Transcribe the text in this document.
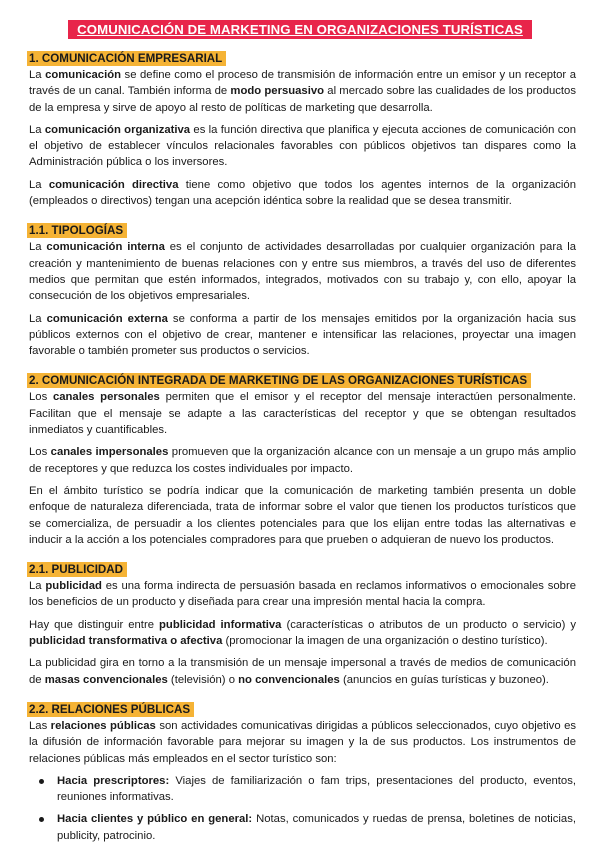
COMUNICACIÓN DE MARKETING EN ORGANIZACIONES TURÍSTICAS
1. COMUNICACIÓN EMPRESARIAL

La comunicación se define como el proceso de transmisión de información entre un emisor y un receptor a través de un canal. También informa de modo persuasivo al mercado sobre las cualidades de los productos de la empresa y sirve de apoyo al resto de políticas de marketing que desarrolla.

La comunicación organizativa es la función directiva que planifica y ejecuta acciones de comunicación con el objetivo de establecer vínculos relacionales favorables con públicos objetivos tan dispares como la Administración pública o los inversores.

La comunicación directiva tiene como objetivo que todos los agentes internos de la organización (empleados o directivos) tengan una acepción idéntica sobre la realidad que se desea transmitir.

1.1. TIPOLOGÍAS

La comunicación interna es el conjunto de actividades desarrolladas por cualquier organización para la creación y mantenimiento de buenas relaciones con y entre sus miembros, a través del uso de diferentes medios que permitan que estén informados, integrados, motivados con su trabajo y, con ello, apoyar la consecución de los objetivos empresariales.

La comunicación externa se conforma a partir de los mensajes emitidos por la organización hacia sus públicos externos con el objetivo de crear, mantener e intensificar las relaciones, proyectar una imagen favorable o también prometer sus productos o servicios.

2. COMUNICACIÓN INTEGRADA DE MARKETING DE LAS ORGANIZACIONES TURÍSTICAS

Los canales personales permiten que el emisor y el receptor del mensaje interactúen personalmente. Facilitan que el mensaje se adapte a las características del receptor y que se obtengan resultados inmediatos y cuantificables.

Los canales impersonales promueven que la organización alcance con un mensaje a un grupo más amplio de receptores y que reduzca los costes individuales por impacto.

En el ámbito turístico se podría indicar que la comunicación de marketing también presenta un doble enfoque de naturaleza diferenciada, trata de informar sobre el valor que tienen los productos turísticos que se comercializa, de persuadir a los clientes potenciales para que los elijan entre todas las alternativas e inducir a la acción a los potenciales compradores para que prueben o adquieran de nuevo los productos.

2.1. PUBLICIDAD

La publicidad es una forma indirecta de persuasión basada en reclamos informativos o emocionales sobre los beneficios de un producto y diseñada para crear una impresión mental hacia la compra.

Hay que distinguir entre publicidad informativa (características o atributos de un producto o servicio) y publicidad transformativa o afectiva (promocionar la imagen de una organización o destino turístico).

La publicidad gira en torno a la transmisión de un mensaje impersonal a través de medios de comunicación de masas convencionales (televisión) o no convencionales (anuncios en guías turísticas y buzoneo).

2.2. RELACIONES PÚBLICAS

Las relaciones públicas son actividades comunicativas dirigidas a públicos seleccionados, cuyo objetivo es la difusión de información favorable para mejorar su imagen y la de sus productos. Los instrumentos de relaciones públicas más empleados en el sector turístico son:

Hacia prescriptores: Viajes de familiarización o fam trips, presentaciones del producto, eventos, reuniones informativas.
Hacia clientes y público en general: Notas, comunicados y ruedas de prensa, boletines de noticias, publicity, patrocinio.
